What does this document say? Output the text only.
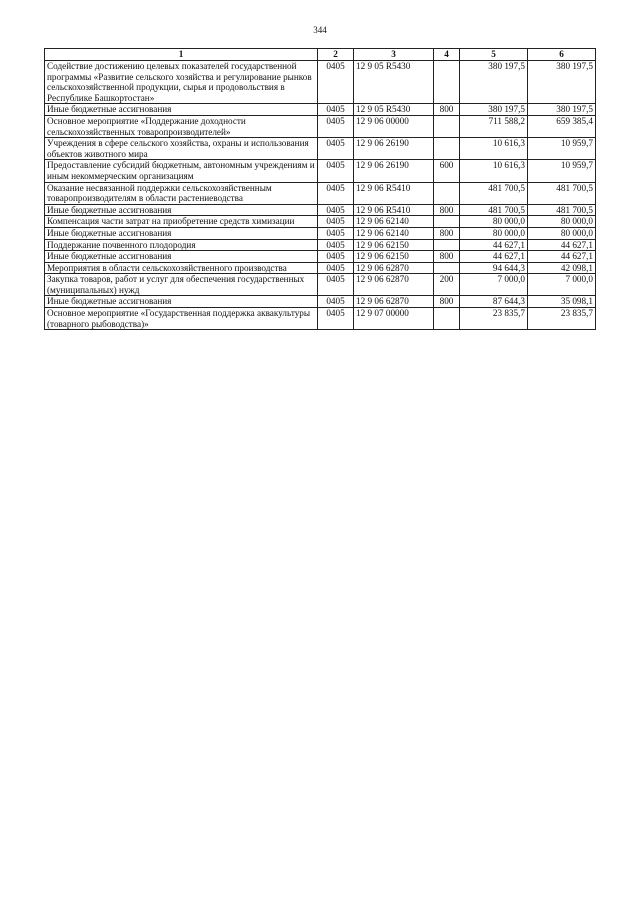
344
1	2	3	4	5	6
Содействие достижению целевых показателей государственной программы «Развитие сельского хозяйства и регулирование рынков сельскохозяйственной продукции, сырья и продовольствия в Республике Башкортостан»	0405	12 9 05 R5430		380 197,5	380 197,5
Иные бюджетные ассигнования	0405	12 9 05 R5430	800	380 197,5	380 197,5
Основное мероприятие «Поддержание доходности сельскохозяйственных товаропроизводителей»	0405	12 9 06 00000		711 588,2	659 385,4
Учреждения в сфере сельского хозяйства, охраны и использования объектов животного мира	0405	12 9 06 26190		10 616,3	10 959,7
Предоставление субсидий бюджетным, автономным учреждениям и иным некоммерческим организациям	0405	12 9 06 26190	600	10 616,3	10 959,7
Оказание несвязанной поддержки сельскохозяйственным товаропроизводителям в области растениеводства	0405	12 9 06 R5410		481 700,5	481 700,5
Иные бюджетные ассигнования	0405	12 9 06 R5410	800	481 700,5	481 700,5
Компенсация части затрат на приобретение средств химизации	0405	12 9 06 62140		80 000,0	80 000,0
Иные бюджетные ассигнования	0405	12 9 06 62140	800	80 000,0	80 000,0
Поддержание почвенного плодородия	0405	12 9 06 62150		44 627,1	44 627,1
Иные бюджетные ассигнования	0405	12 9 06 62150	800	44 627,1	44 627,1
Мероприятия в области сельскохозяйственного производства	0405	12 9 06 62870		94 644,3	42 098,1
Закупка товаров, работ и услуг для обеспечения государственных (муниципальных) нужд	0405	12 9 06 62870	200	7 000,0	7 000,0
Иные бюджетные ассигнования	0405	12 9 06 62870	800	87 644,3	35 098,1
Основное мероприятие «Государственная поддержка аквакультуры (товарного рыбоводства)»	0405	12 9 07 00000		23 835,7	23 835,7
